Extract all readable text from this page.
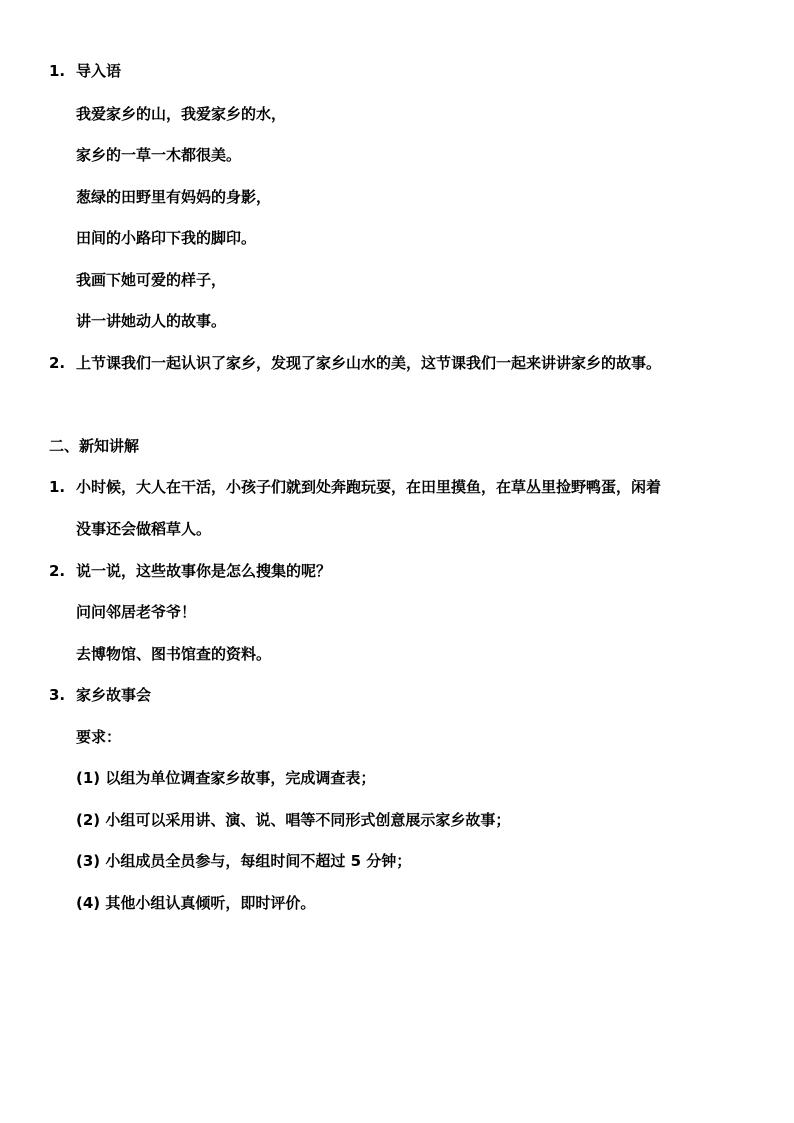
1. 导入语
我爱家乡的山，我爱家乡的水，
家乡的一草一木都很美。
葱绿的田野里有妈妈的身影，
田间的小路印下我的脚印。
我画下她可爱的样子，
讲一讲她动人的故事。
2. 上节课我们一起认识了家乡，发现了家乡山水的美，这节课我们一起来讲讲家乡的故事。
二、新知讲解
1. 小时候，大人在干活，小孩子们就到处奔跑玩耍，在田里摸鱼，在草丛里捡野鸭蛋，闲着
没事还会做稻草人。
2. 说一说，这些故事你是怎么搜集的呢？
问问邻居老爷爷！
去博物馆、图书馆查的资料。
3. 家乡故事会
要求：
(1) 以组为单位调查家乡故事，完成调查表；
(2) 小组可以采用讲、演、说、唱等不同形式创意展示家乡故事；
(3) 小组成员全员参与，每组时间不超过 5 分钟；
(4) 其他小组认真倾听，即时评价。
